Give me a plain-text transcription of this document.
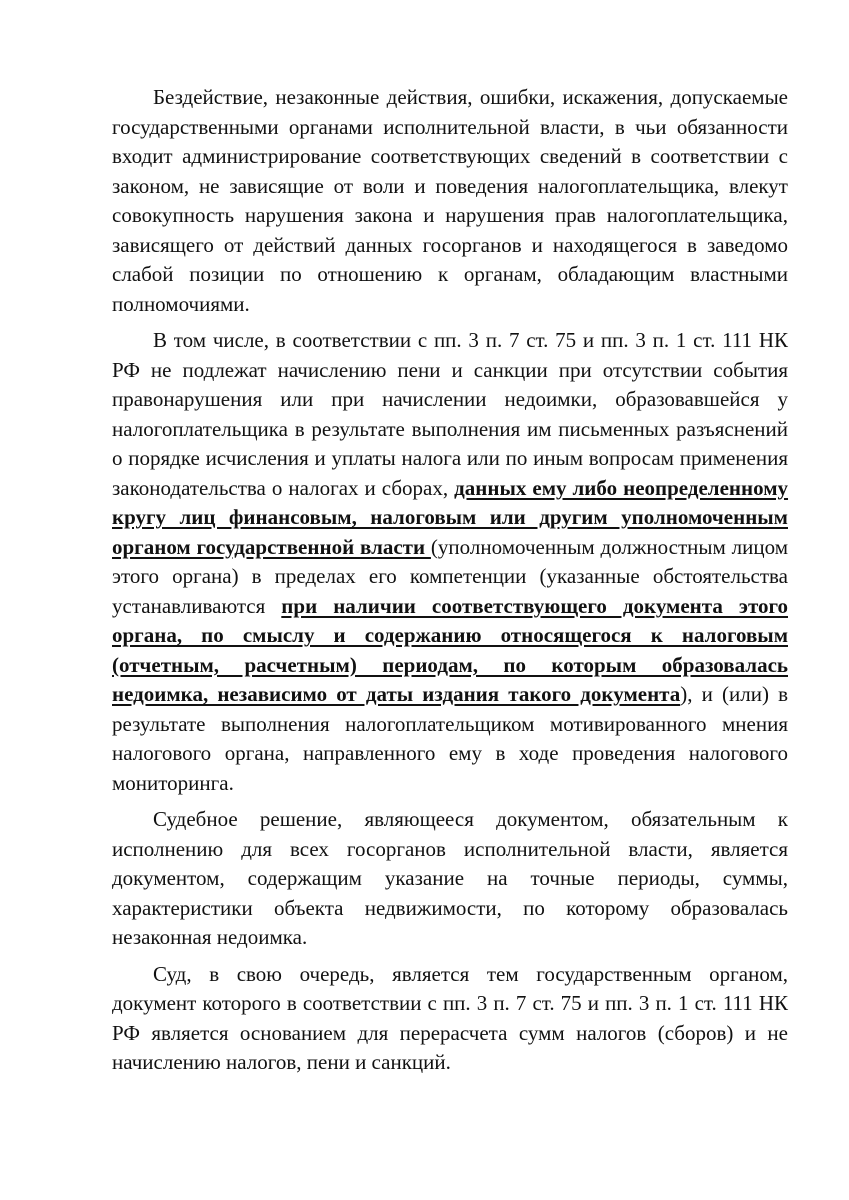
Бездействие, незаконные действия, ошибки, искажения, допускаемые государственными органами исполнительной власти, в чьи обязанности входит администрирование соответствующих сведений в соответствии с законом, не зависящие от воли и поведения налогоплательщика, влекут совокупность нарушения закона и нарушения прав налогоплательщика, зависящего от действий данных госорганов и находящегося в заведомо слабой позиции по отношению к органам, обладающим властными полномочиями.

В том числе, в соответствии с пп. 3 п. 7 ст. 75 и пп. 3 п. 1 ст. 111 НК РФ не подлежат начислению пени и санкции при отсутствии события правонарушения или при начислении недоимки, образовавшейся у налогоплательщика в результате выполнения им письменных разъяснений о порядке исчисления и уплаты налога или по иным вопросам применения законодательства о налогах и сборах, данных ему либо неопределенному кругу лиц финансовым, налоговым или другим уполномоченным органом государственной власти (уполномоченным должностным лицом этого органа) в пределах его компетенции (указанные обстоятельства устанавливаются при наличии соответствующего документа этого органа, по смыслу и содержанию относящегося к налоговым (отчетным, расчетным) периодам, по которым образовалась недоимка, независимо от даты издания такого документа), и (или) в результате выполнения налогоплательщиком мотивированного мнения налогового органа, направленного ему в ходе проведения налогового мониторинга.

Судебное решение, являющееся документом, обязательным к исполнению для всех госорганов исполнительной власти, является документом, содержащим указание на точные периоды, суммы, характеристики объекта недвижимости, по которому образовалась незаконная недоимка.

Суд, в свою очередь, является тем государственным органом, документ которого в соответствии с пп. 3 п. 7 ст. 75 и пп. 3 п. 1 ст. 111 НК РФ является основанием для перерасчета сумм налогов (сборов) и не начислению налогов, пени и санкций.
